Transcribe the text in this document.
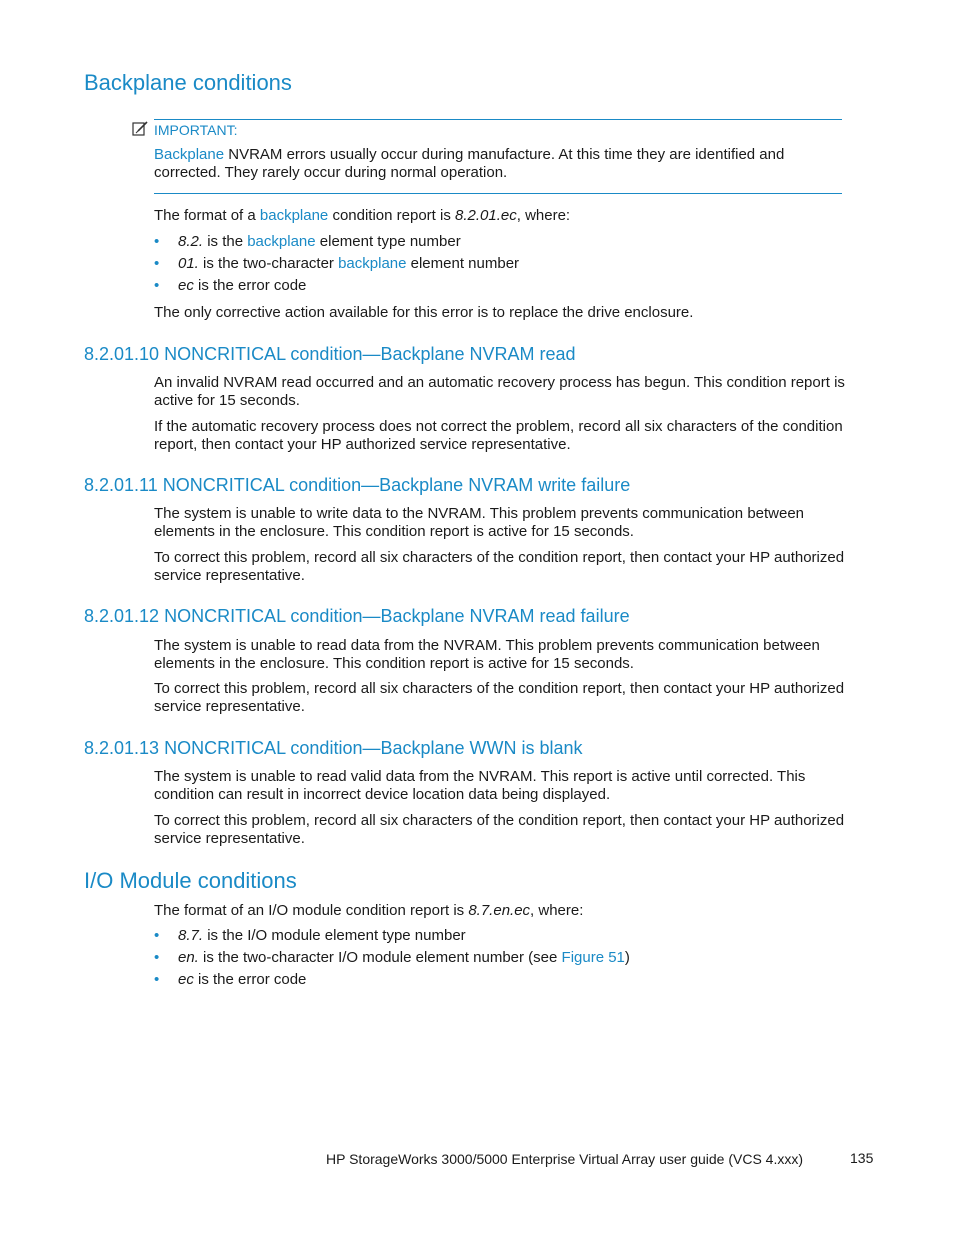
Backplane conditions
IMPORTANT:

Backplane NVRAM errors usually occur during manufacture. At this time they are identified and corrected. They rarely occur during normal operation.

The format of a backplane condition report is 8.2.01.ec, where:

• 8.2. is the backplane element type number
• 01. is the two-character backplane element number
• ec is the error code

The only corrective action available for this error is to replace the drive enclosure.

8.2.01.10 NONCRITICAL condition—Backplane NVRAM read

An invalid NVRAM read occurred and an automatic recovery process has begun. This condition report is active for 15 seconds.

If the automatic recovery process does not correct the problem, record all six characters of the condition report, then contact your HP authorized service representative.

8.2.01.11 NONCRITICAL condition—Backplane NVRAM write failure

The system is unable to write data to the NVRAM. This problem prevents communication between elements in the enclosure. This condition report is active for 15 seconds.

To correct this problem, record all six characters of the condition report, then contact your HP authorized service representative.

8.2.01.12 NONCRITICAL condition—Backplane NVRAM read failure

The system is unable to read data from the NVRAM. This problem prevents communication between elements in the enclosure. This condition report is active for 15 seconds.

To correct this problem, record all six characters of the condition report, then contact your HP authorized service representative.

8.2.01.13 NONCRITICAL condition—Backplane WWN is blank

The system is unable to read valid data from the NVRAM. This report is active until corrected. This condition can result in incorrect device location data being displayed.

To correct this problem, record all six characters of the condition report, then contact your HP authorized service representative.

I/O Module conditions

The format of an I/O module condition report is 8.7.en.ec, where:

• 8.7. is the I/O module element type number
• en. is the two-character I/O module element number (see Figure 51)
• ec is the error code
HP StorageWorks 3000/5000 Enterprise Virtual Array user guide (VCS 4.xxx)	135
